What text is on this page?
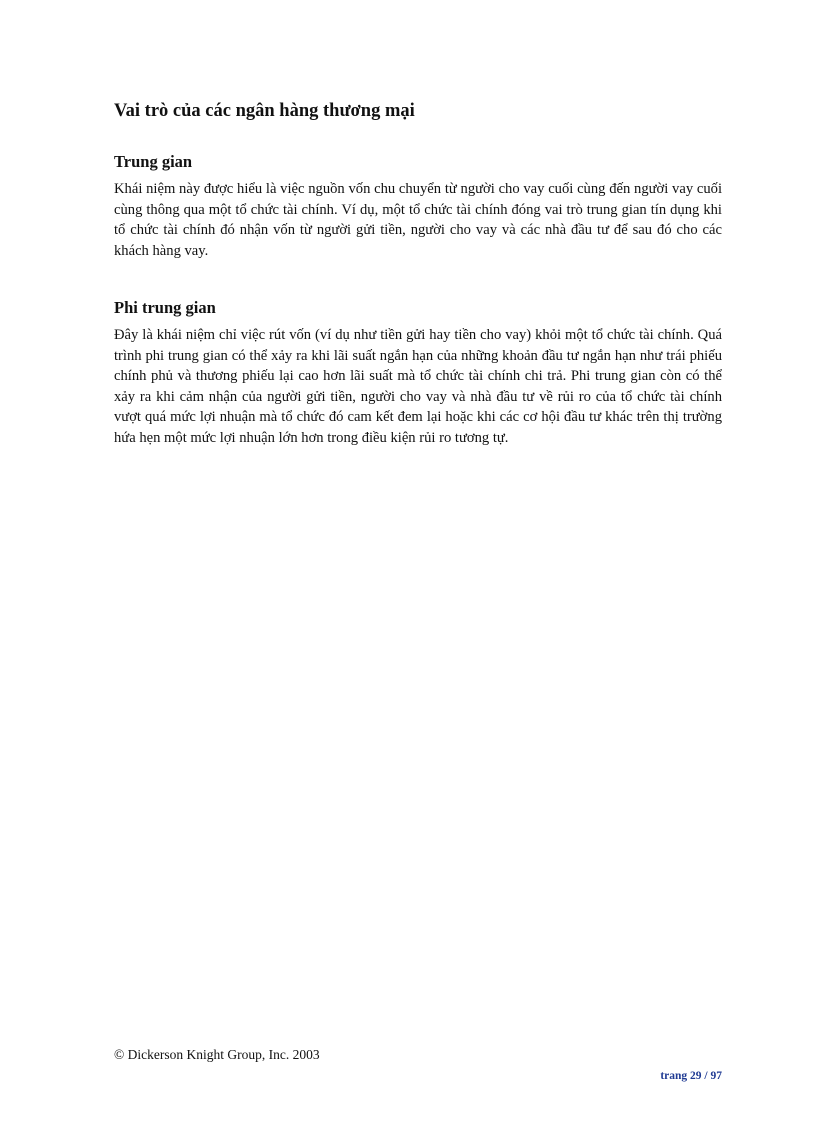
Vai trò của các ngân hàng thương mại
Trung gian

Khái niệm này được hiểu là việc nguồn vốn chu chuyển từ người cho vay cuối cùng đến người vay cuối cùng thông qua một tổ chức tài chính. Ví dụ, một tổ chức tài chính đóng vai trò trung gian tín dụng khi tổ chức tài chính đó nhận vốn từ người gửi tiền, người cho vay và các nhà đầu tư để sau đó cho các khách hàng vay.

Phi trung gian

Đây là khái niệm chỉ việc rút vốn (ví dụ như tiền gửi hay tiền cho vay) khỏi một tổ chức tài chính. Quá trình phi trung gian có thể xảy ra khi lãi suất ngắn hạn của những khoản đầu tư ngắn hạn như trái phiếu chính phủ và thương phiếu lại cao hơn lãi suất mà tổ chức tài chính chi trả. Phi trung gian còn có thể xảy ra khi cảm nhận của người gửi tiền, người cho vay và nhà đầu tư về rủi ro của tổ chức tài chính vượt quá mức lợi nhuận mà tổ chức đó cam kết đem lại hoặc khi các cơ hội đầu tư khác trên thị trường hứa hẹn một mức lợi nhuận lớn hơn trong điều kiện rủi ro tương tự.

© Dickerson Knight Group, Inc. 2003

trang 29 / 97
